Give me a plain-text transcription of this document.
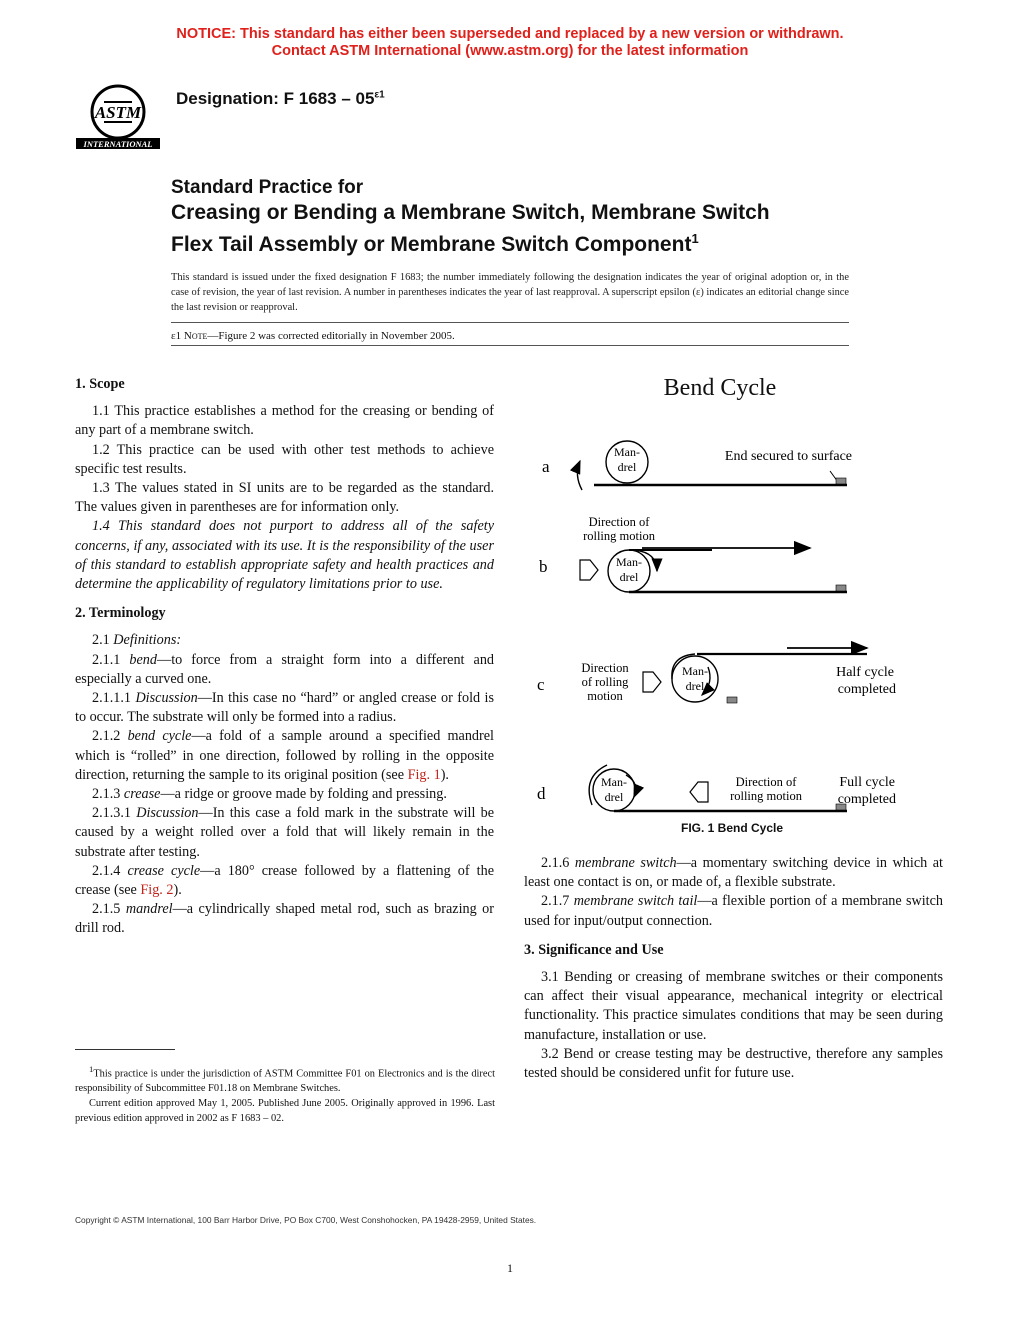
NOTICE: This standard has either been superseded and replaced by a new version or withdrawn.
Contact ASTM International (www.astm.org) for the latest information
ASTM
INTERNATIONAL
Designation: F $1683 - 05^{\varepsilon 1}$
Standard Practice for
Creasing or Bending a Membrane Switch, Membrane Switch
Flex Tail Assembly or Membrane Switch Component$^1$
This standard is issued under the fixed designation F 1683; the number immediately following the designation indicates the year of original adoption or, in the case of revision, the year of last revision. A number in parentheses indicates the year of last reapproval. A superscript epsilon (ε) indicates an editorial change since the last revision or reapproval.
ε1 Note—Figure 2 was corrected editorially in November 2005.
1. Scope

1.1 This practice establishes a method for the creasing or bending of any part of a membrane switch.

1.2 This practice can be used with other test methods to achieve specific test results.

1.3 The values stated in SI units are to be regarded as the standard. The values given in parentheses are for information only.

1.4 This standard does not purport to address all of the safety concerns, if any, associated with its use. It is the responsibility of the user of this standard to establish appropriate safety and health practices and determine the applicability of regulatory limitations prior to use.

2. Terminology

2.1 Definitions:

2.1.1 bend—to force from a straight form into a different and especially a curved one.

2.1.1.1 Discussion—In this case no “hard” or angled crease or fold is to occur. The substrate will only be formed into a radius.

2.1.2 bend cycle—a fold of a sample around a specified mandrel which is “rolled” in one direction, followed by rolling in the opposite direction, returning the sample to its original position (see Fig. 1).

2.1.3 crease—a ridge or groove made by folding and pressing.

2.1.3.1 Discussion—In this case a fold mark in the substrate will be caused by a weight rolled over a fold that will likely remain in the substrate after testing.

2.1.4 crease cycle—a 180° crease followed by a flattening of the crease (see Fig. 2).

2.1.5 mandrel—a cylindrically shaped metal rod, such as brazing or drill rod.

$^1$This practice is under the jurisdiction of ASTM Committee F01 on Electronics and is the direct responsibility of Subcommittee F01.18 on Membrane Switches.

Current edition approved May 1, 2005. Published June 2005. Originally approved in 1996. Last previous edition approved in 2002 as F 1683 – 02.

Bend Cycle
a
Man-
drel
End secured to surface
b
Direction of
rolling motion
Man-
drel
c
Direction
of rolling
motion
Man-
drel
Half cycle
completed
d
Man-
drel
Direction of
rolling motion
Full cycle
completed
FIG. 1 Bend Cycle

2.1.6 membrane switch—a momentary switching device in which at least one contact is on, or made of, a flexible substrate.

2.1.7 membrane switch tail—a flexible portion of a membrane switch used for input/output connection.

3. Significance and Use

3.1 Bending or creasing of membrane switches or their components can affect their visual appearance, mechanical integrity or electrical functionality. This practice simulates conditions that may be seen during manufacture, installation or use.

3.2 Bend or crease testing may be destructive, therefore any samples tested should be considered unfit for future use.

Copyright © ASTM International, 100 Barr Harbor Drive, PO Box C700, West Conshohocken, PA 19428-2959, United States.
1
